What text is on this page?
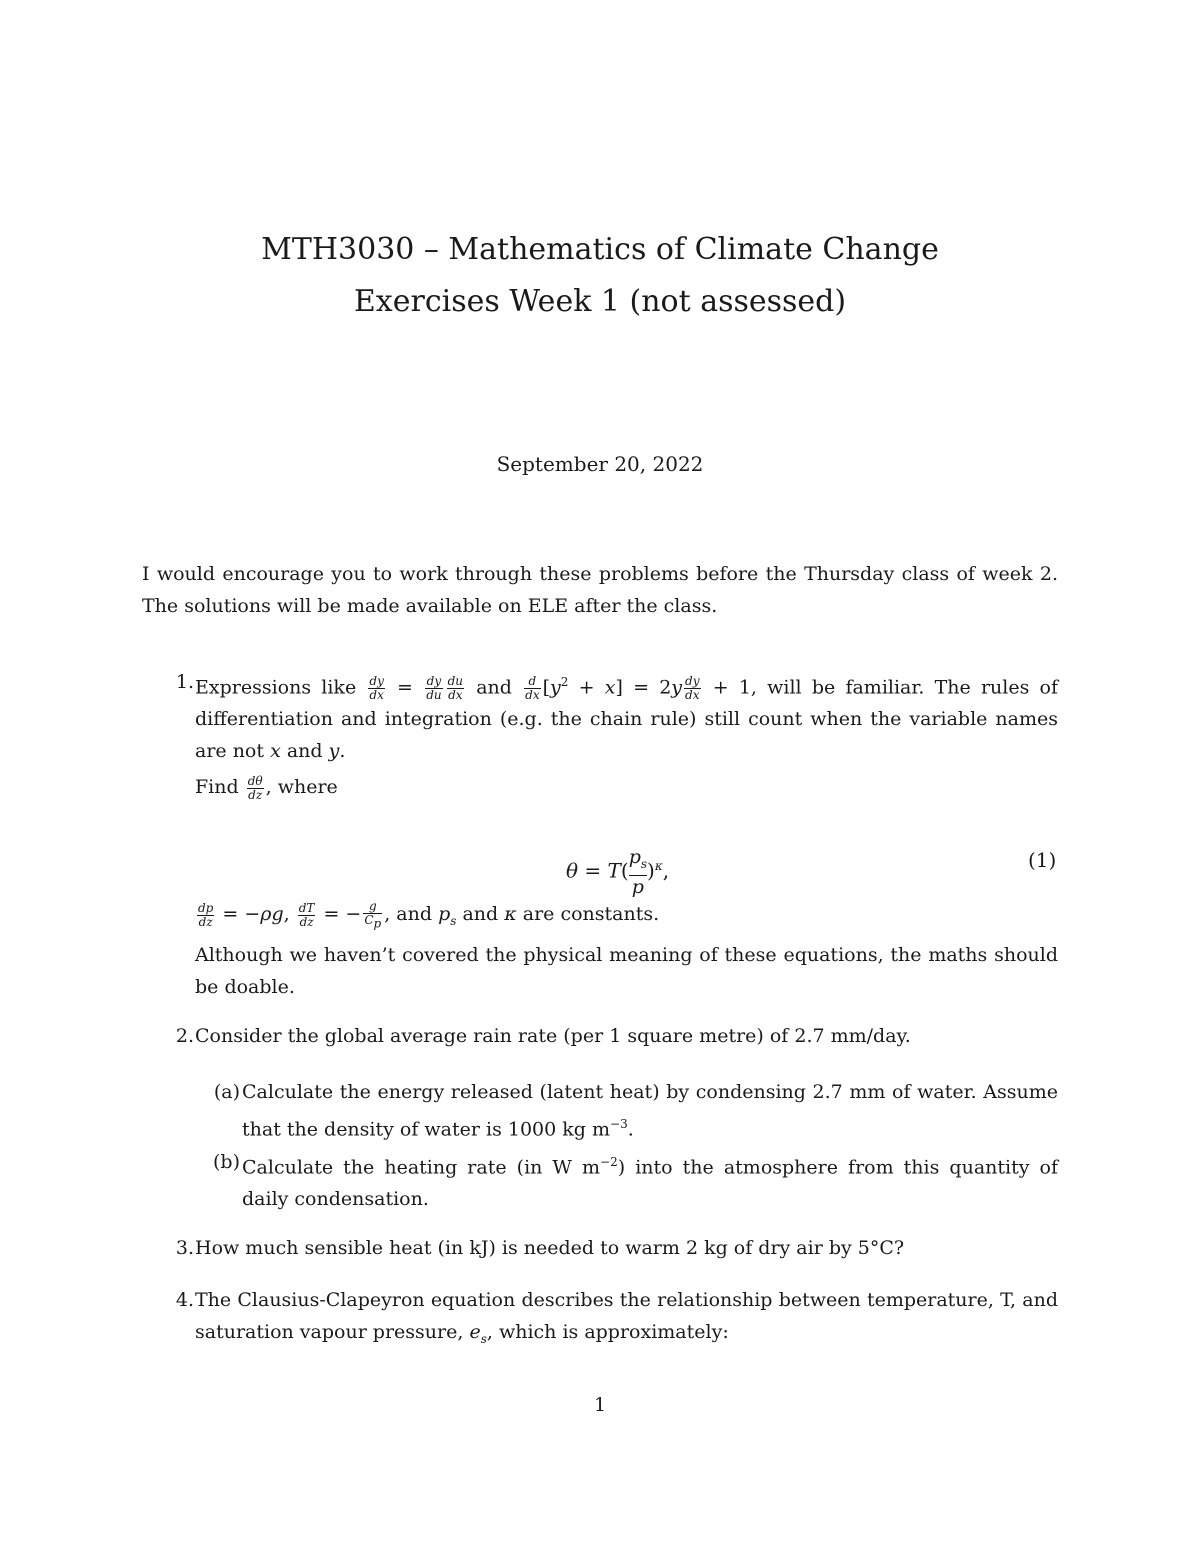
MTH3030 – Mathematics of Climate Change
Exercises Week 1 (not assessed)
September 20, 2022
I would encourage you to work through these problems before the Thursday class of week 2. The solutions will be made available on ELE after the class.
1. Expressions like $\frac{dy}{dx} = \frac{dy}{du} \frac{du}{dx}$ and $\frac{d}{dx} [y^2 + x] = 2y \frac{dy}{dx} + 1$, will be familiar. The rules of differentiation and integration (e.g. the chain rule) still count when the variable names are not x and y.
Find $\frac{d\theta}{dz}$ , where
$\theta = T( \frac{p_s}{p})^\kappa$,	(1)
$\frac{dp}{dz} = -\rho g$, $\frac{dT}{dz}$ = − $\frac{g}{C_p}$ , and $p_s$ and κ are constants.
Although we haven’t covered the physical meaning of these equations, the maths should be doable.
2. Consider the global average rain rate (per 1 square metre) of 2.7 mm/day.
(a) Calculate the energy released (latent heat) by condensing 2.7 mm of water. Assume that the density of water is 1000 kg $m^{-3}$.
(b) Calculate the heating rate (in W $m^{-2}$) into the atmosphere from this quantity of daily condensation.
3. How much sensible heat (in kJ) is needed to warm 2 kg of dry air by 5°C?
4. The Clausius-Clapeyron equation describes the relationship between temperature, T, and saturation vapour pressure, $e_s$, which is approximately:
1
